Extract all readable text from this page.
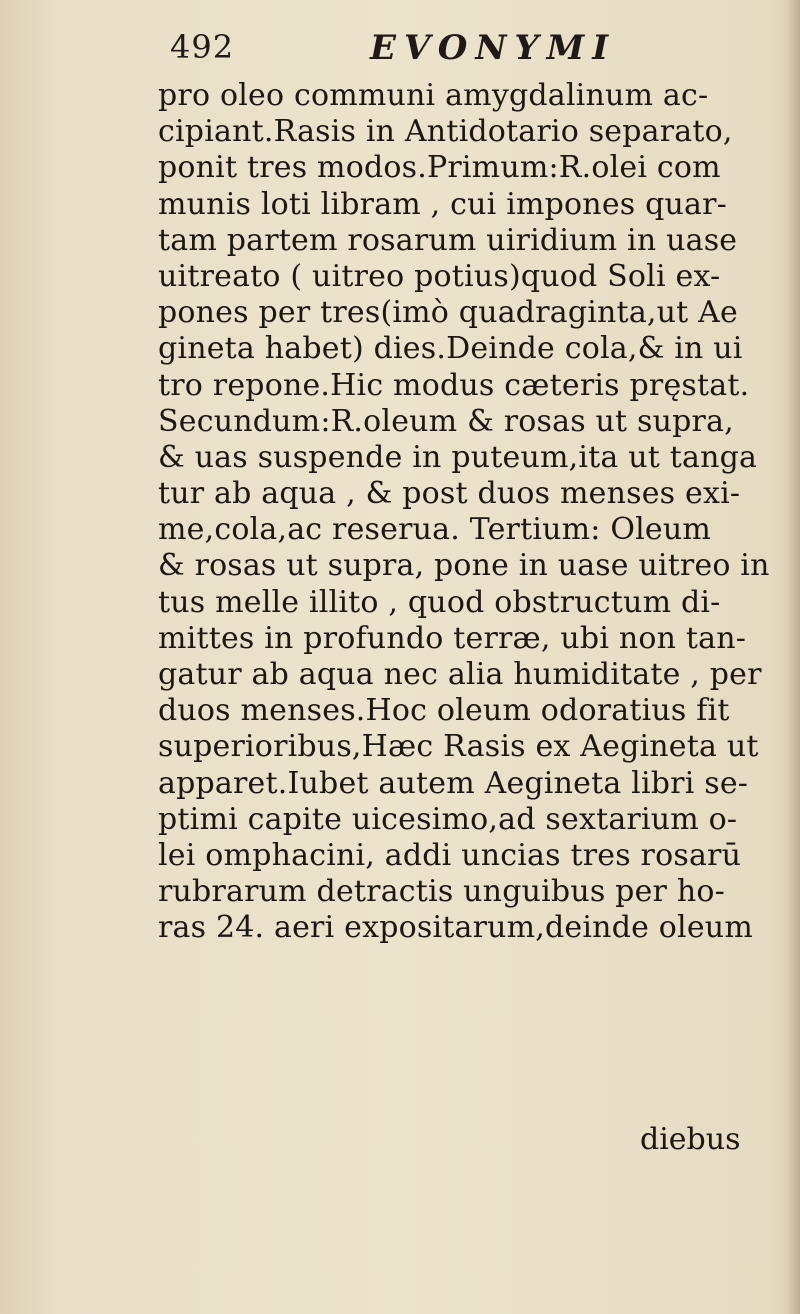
492	EVONYMI
pro oleo communi amygdalinum ac-
cipiant.Rasis in Antidotario separato,
ponit tres modos.Primum:R.olei com
munis loti libram , cui impones quar-
tam partem rosarum uiridium in uase
uitreato ( uitreo potius)quod Soli ex-
pones per tres(imò quadraginta,ut Ae
gineta habet) dies.Deinde cola,& in ui
tro repone.Hic modus cæteris pręstat.
Secundum:R.oleum & rosas ut supra,
& uas suspende in puteum,ita ut tanga
tur ab aqua , & post duos menses exi-
me,cola,ac reserua. Tertium: Oleum
& rosas ut supra, pone in uase uitreo in
tus melle illito , quod obstructum di-
mittes in profundo terræ, ubi non tan-
gatur ab aqua nec alia humiditate , per
duos menses.Hoc oleum odoratius fit
superioribus,Hæc Rasis ex Aegineta ut
apparet.Iubet autem Aegineta libri se-
ptimi capite uicesimo,ad sextarium o-
lei omphacini, addi uncias tres rosarū
rubrarum detractis unguibus per ho-
ras 24. aeri expositarum,deinde oleum
diebus
